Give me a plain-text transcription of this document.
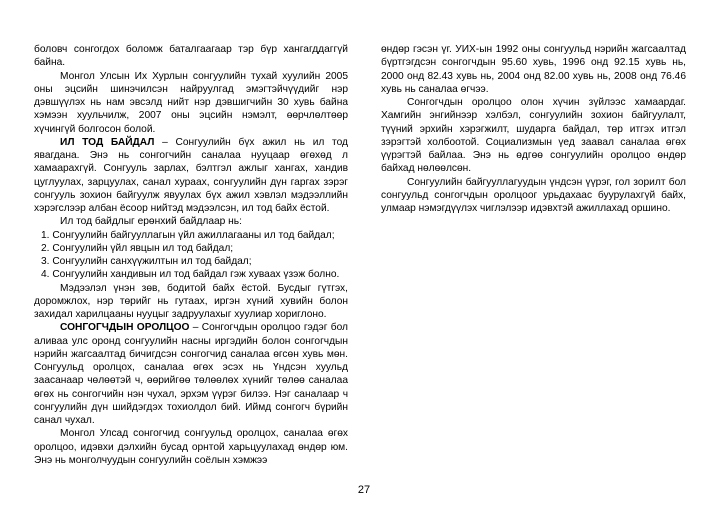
боловч сонгогдох боломж баталгаагаар тэр бүр хангагддаггүй байна.

Монгол Улсын Их Хурлын сонгуулийн тухай хуулийн 2005 оны эцсийн шинэчилсэн найруулгад эмэгтэйчүүдийг нэр дэвшүүлэх нь нам эвсэлд нийт нэр дэвшигчийн 30 хувь байна хэмээн хуульчилж, 2007 оны эцсийн нэмэлт, өөрчлөлтөөр хүчингүй болгосон болой.

ИЛ ТОД БАЙДАЛ – Сонгуулийн бүх ажил нь ил тод явагдана. Энэ нь сонгогчийн саналаа нууцаар өгөхөд л хамаарахгүй. Сонгууль зарлах, бэлтгэл ажлыг хангах, хандив цуглуулах, зарцуулах, санал хураах, сонгуулийн дүн гаргах зэрэг сонгууль зохион байгуулж явуулах бүх ажил хэвлэл мэдээллийн хэрэгслээр албан ёсоор нийтэд мэдээлсэн, ил тод байх ёстой.

Ил тод байдлыг ерөнхий байдлаар нь:

1. Сонгуулийн байгууллагын үйл ажиллагааны ил тод байдал;

2. Сонгуулийн үйл явцын ил тод байдал;

3. Сонгуулийн санхүүжилтын ил тод байдал;

4. Сонгуулийн хандивын ил тод байдал гэж хуваах үзэж болно.

Мэдээлэл үнэн зөв, бодитой байх ёстой. Бусдыг гүтгэх, доромжлох, нэр төрийг нь гутаах, иргэн хүний хувийн болон захидал харилцааны нууцыг задруулахыг хуулиар хориглоно.

СОНГОГЧДЫН ОРОЛЦОО – Сонгогчдын оролцоо гэдэг бол аливаа улс оронд сонгуулийн насны иргэдийн болон сонгогчдын нэрийн жагсаалтад бичигдсэн сонгогчид саналаа өгсөн хувь мөн. Сонгуульд оролцох, саналаа өгөх эсэх нь Үндсэн хуульд заасанаар чөлөөтэй ч, өөрийгөө төлөөлөх хүнийг төлөө саналаа өгөх нь сонгогчийн нэн чухал, эрхэм үүрэг билээ. Нэг саналаар ч сонгуулийн дүн шийдэгдэх тохиолдол бий. Иймд сонгогч бүрийн санал чухал.

Монгол Улсад сонгогчид сонгуульд оролцох, саналаа өгөх оролцоо, идэвхи дэлхийн бусад орнтой харьцуулахад өндөр юм. Энэ нь монголчуудын сонгуулийн соёлын хэмжээ

өндөр гэсэн үг. УИХ-ын 1992 оны сонгуульд нэрийн жагсаалтад бүртгэгдсэн сонгогчдын 95.60 хувь, 1996 онд 92.15 хувь нь, 2000 онд 82.43 хувь нь, 2004 онд 82.00 хувь нь, 2008 онд 76.46 хувь нь саналаа өгчээ.

Сонгогчдын оролцоо олон хүчин зүйлээс хамаардаг. Хамгийн энгийнээр хэлбэл, сонгуулийн зохион байгуулалт, түүний эрхийн хэрэгжилт, шударга байдал, төр итгэх итгэл зэрэгтэй холбоотой. Социализмын үед заавал саналаа өгөх үүрэгтэй байлаа. Энэ нь өдгөө сонгуулийн оролцоо өндөр байхад нөлөөлсөн.

Сонгуулийн байгууллагуудын үндсэн үүрэг, гол зорилт бол сонгуульд сонгогчдын оролцоог урьдахаас буурулахгүй байх, улмаар нэмэгдүүлэх чиглэлээр идэвхтэй ажиллахад оршино.

27
